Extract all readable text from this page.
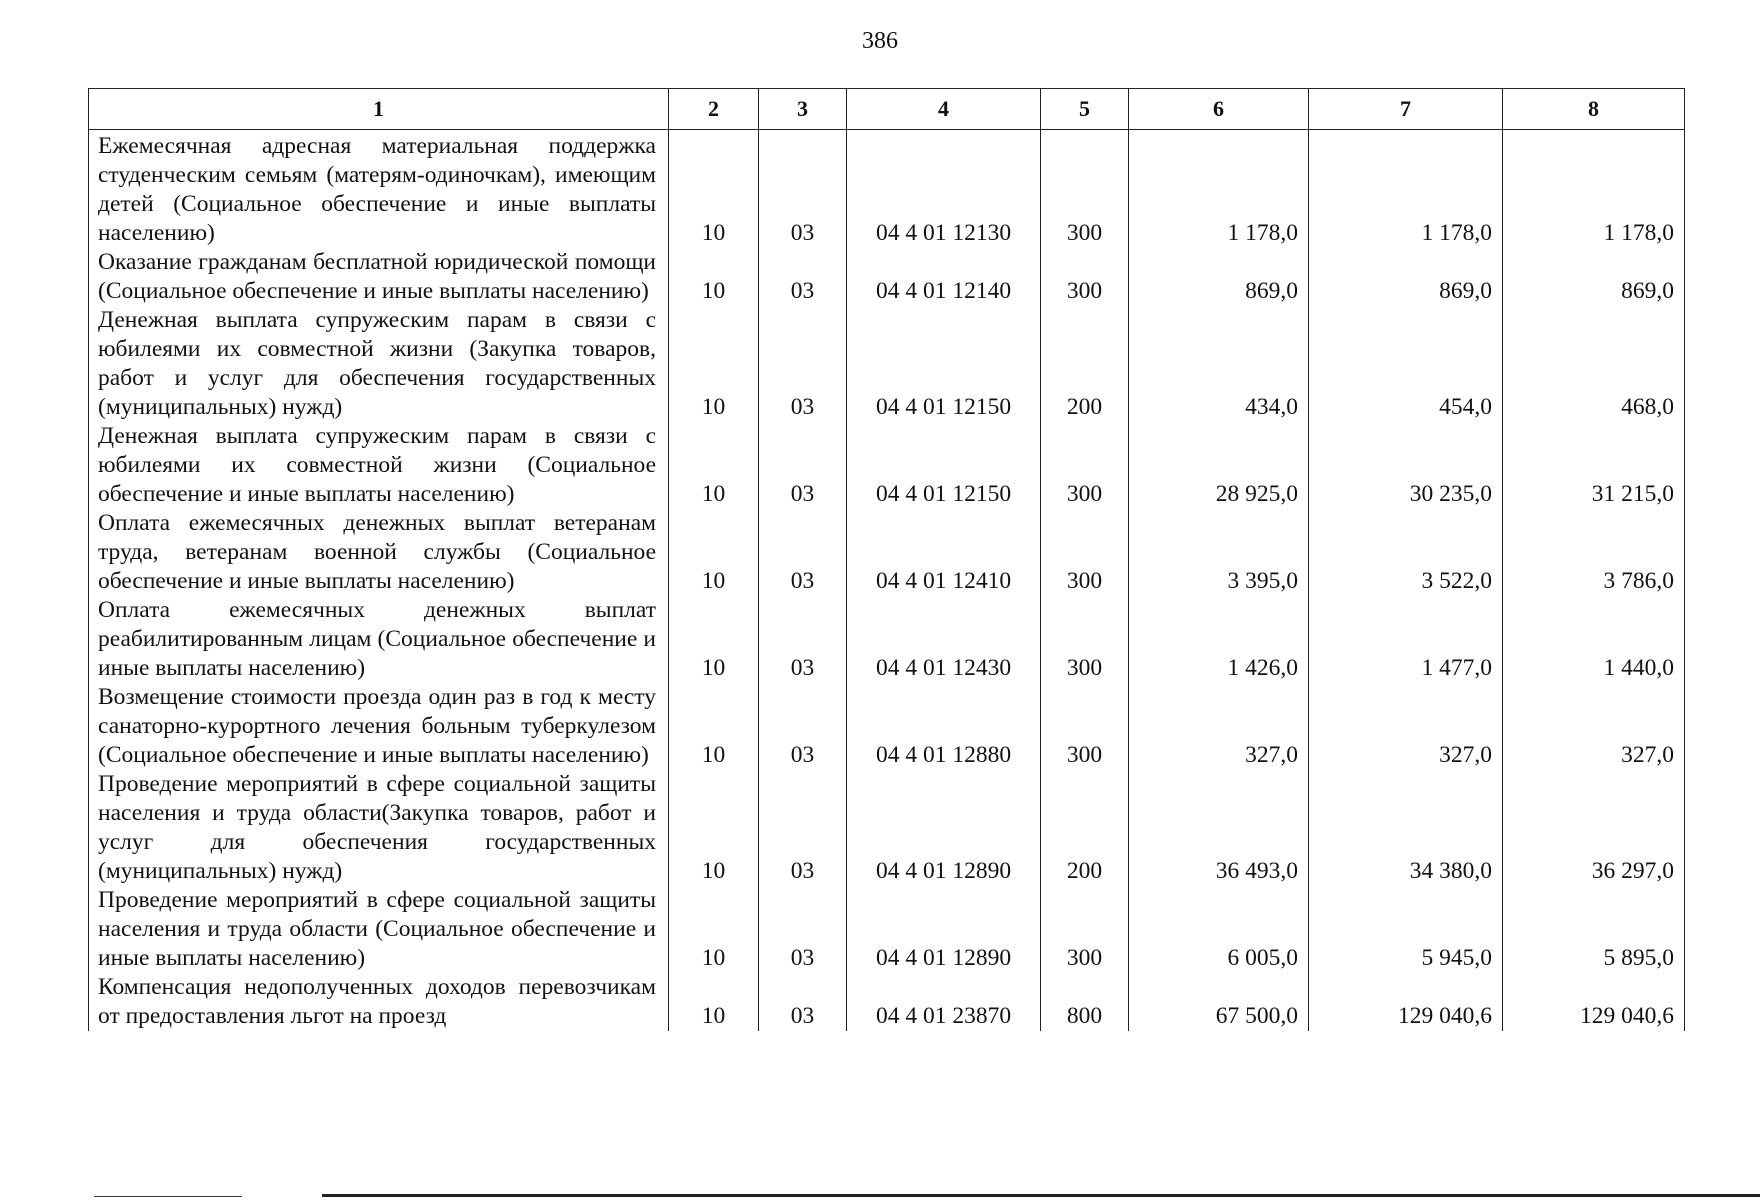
386
1	2	3	4	5	6	7	8
Ежемесячная адресная материальная поддержка студенческим семьям (матерям-одиночкам), имеющим детей (Социальное обеспечение и иные выплаты населению)	10	03	04 4 01 12130	300	1 178,0	1 178,0	1 178,0
Оказание гражданам бесплатной юридической помощи (Социальное обеспечение и иные выплаты населению)	10	03	04 4 01 12140	300	869,0	869,0	869,0
Денежная выплата супружеским парам в связи с юбилеями их совместной жизни (Закупка товаров, работ и услуг для обеспечения государственных (муниципальных) нужд)	10	03	04 4 01 12150	200	434,0	454,0	468,0
Денежная выплата супружеским парам в связи с юбилеями их совместной жизни (Социальное обеспечение и иные выплаты населению)	10	03	04 4 01 12150	300	28 925,0	30 235,0	31 215,0
Оплата ежемесячных денежных выплат ветеранам труда, ветеранам военной службы (Социальное обеспечение и иные выплаты населению)	10	03	04 4 01 12410	300	3 395,0	3 522,0	3 786,0
Оплата ежемесячных денежных выплат реабилитированным лицам (Социальное обеспечение и иные выплаты населению)	10	03	04 4 01 12430	300	1 426,0	1 477,0	1 440,0
Возмещение стоимости проезда один раз в год к месту санаторно-курортного лечения больным туберкулезом (Социальное обеспечение и иные выплаты населению)	10	03	04 4 01 12880	300	327,0	327,0	327,0
Проведение мероприятий в сфере социальной защиты населения и труда области(Закупка товаров, работ и услуг для обеспечения государственных (муниципальных) нужд)	10	03	04 4 01 12890	200	36 493,0	34 380,0	36 297,0
Проведение мероприятий в сфере социальной защиты населения и труда области (Социальное обеспечение и иные выплаты населению)	10	03	04 4 01 12890	300	6 005,0	5 945,0	5 895,0
Компенсация недополученных доходов перевозчикам от предоставления льгот на проезд	10	03	04 4 01 23870	800	67 500,0	129 040,6	129 040,6
